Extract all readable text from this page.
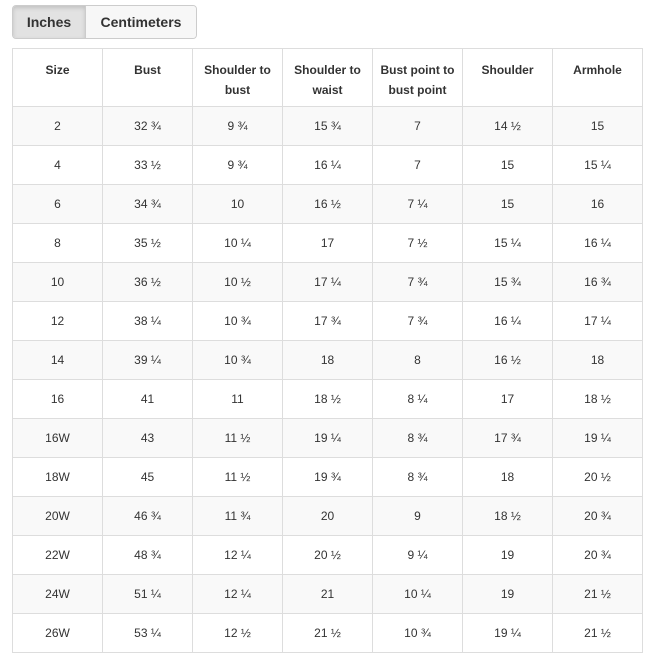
Inches	Centimeters
Size	Bust	Shoulder to bust	Shoulder to waist	Bust point to bust point	Shoulder	Armhole
2	32 ¾	9 ¾	15 ¾	7	14 ½	15
4	33 ½	9 ¾	16 ¼	7	15	15 ¼
6	34 ¾	10	16 ½	7 ¼	15	16
8	35 ½	10 ¼	17	7 ½	15 ¼	16 ¼
10	36 ½	10 ½	17 ¼	7 ¾	15 ¾	16 ¾
12	38 ¼	10 ¾	17 ¾	7 ¾	16 ¼	17 ¼
14	39 ¼	10 ¾	18	8	16 ½	18
16	41	11	18 ½	8 ¼	17	18 ½
16W	43	11 ½	19 ¼	8 ¾	17 ¾	19 ¼
18W	45	11 ½	19 ¾	8 ¾	18	20 ½
20W	46 ¾	11 ¾	20	9	18 ½	20 ¾
22W	48 ¾	12 ¼	20 ½	9 ¼	19	20 ¾
24W	51 ¼	12 ¼	21	10 ¼	19	21 ½
26W	53 ¼	12 ½	21 ½	10 ¾	19 ¼	21 ½
